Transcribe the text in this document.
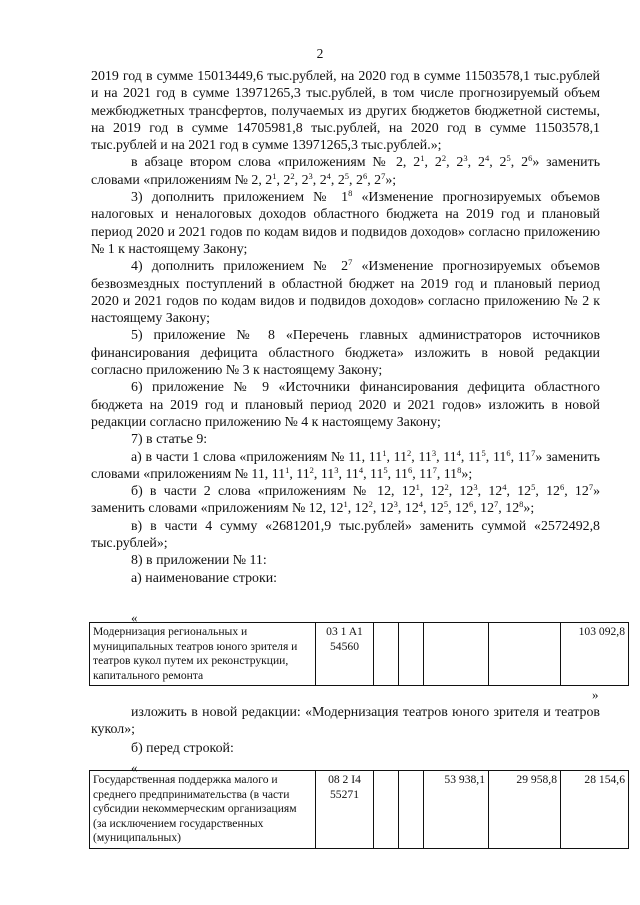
2

2019 год в сумме 15013449,6 тыс.рублей, на 2020 год в сумме 11503578,1 тыс.рублей и на 2021 год в сумме 13971265,3 тыс.рублей, в том числе прогнозируемый объем межбюджетных трансфертов, получаемых из других бюджетов бюджетной системы, на 2019 год в сумме 14705981,8 тыс.рублей, на 2020 год в сумме 11503578,1 тыс.рублей и на 2021 год в сумме 13971265,3 тыс.рублей.»;

в абзаце втором слова «приложениям № 2, $2^1$, $2^2$, $2^3$, $2^4$, $2^5$, $2^6$» заменить словами «приложениям № 2, $2^1$, $2^2$, $2^3$, $2^4$, $2^5$, $2^6$, $2^7$»;

3) дополнить приложением № $1^8$ «Изменение прогнозируемых объемов налоговых и неналоговых доходов областного бюджета на 2019 год и плановый период 2020 и 2021 годов по кодам видов и подвидов доходов» согласно приложению № 1 к настоящему Закону;

4) дополнить приложением № $2^7$ «Изменение прогнозируемых объемов безвозмездных поступлений в областной бюджет на 2019 год и плановый период 2020 и 2021 годов по кодам видов и подвидов доходов» согласно приложению № 2 к настоящему Закону;

5) приложение № 8 «Перечень главных администраторов источников финансирования дефицита областного бюджета» изложить в новой редакции согласно приложению № 3 к настоящему Закону;

6) приложение № 9 «Источники финансирования дефицита областного бюджета на 2019 год и плановый период 2020 и 2021 годов» изложить в новой редакции согласно приложению № 4 к настоящему Закону;

7) в статье 9:

а) в части 1 слова «приложениям № 11, $11^1$, $11^2$, $11^3$, $11^4$, $11^5$, $11^6$, $11^7$» заменить словами «приложениям № 11, $11^1$, $11^2$, $11^3$, $11^4$, $11^5$, $11^6$, $11^7$, $11^8$»;

б) в части 2 слова «приложениям № 12, $12^1$, $12^2$, $12^3$, $12^4$, $12^5$, $12^6$, $12^7$» заменить словами «приложениям № 12, $12^1$, $12^2$, $12^3$, $12^4$, $12^5$, $12^6$, $12^7$, $12^8$»;

в) в части 4 сумму «2681201,9 тыс.рублей» заменить суммой «2572492,8 тыс.рублей»;

8) в приложении № 11:

а) наименование строки:

«
Модернизация региональных и муниципальных театров юного зрителя и театров кукол путем их реконструкции, капитального ремонта	03 1 A1 54560					103 092,8
»

изложить в новой редакции: «Модернизация театров юного зрителя и театров кукол»;

б) перед строкой:

«
Государственная поддержка малого и среднего предпринимательства (в части субсидии некоммерческим организациям (за исключением государственных (муниципальных)	08 2 I4 55271			53 938,1	29 958,8	28 154,6
